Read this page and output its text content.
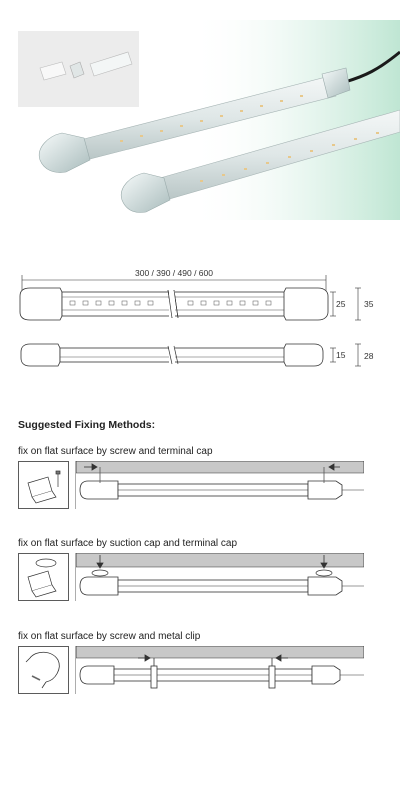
300 / 390 / 490 / 600
25 35
15 28
Suggested Fixing Methods:
fix on flat surface by screw and terminal cap
fix on flat surface by suction cap and terminal cap
fix on flat surface by screw and metal clip
